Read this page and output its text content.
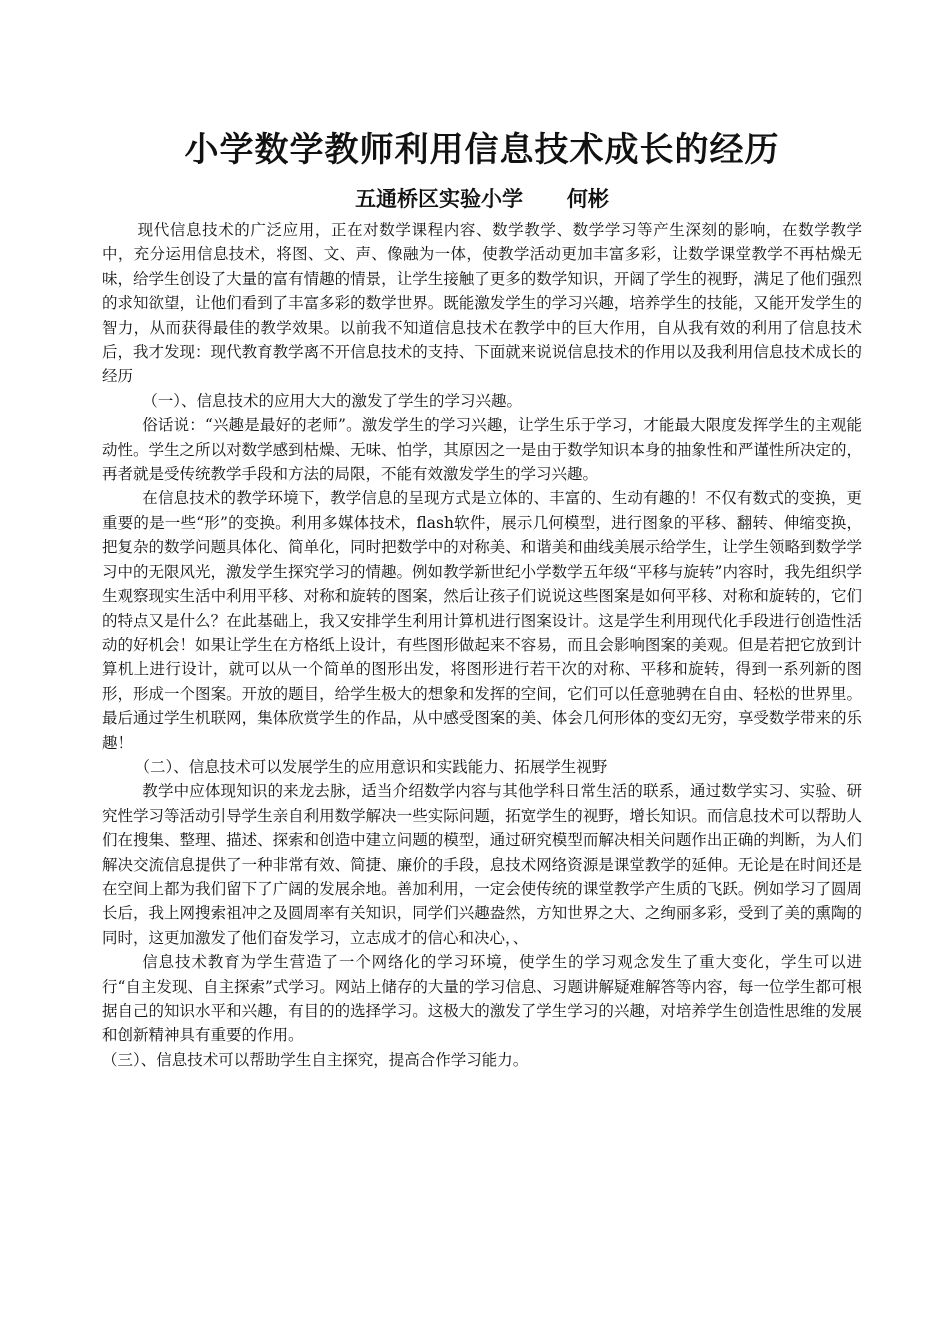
小学数学教师利用信息技术成长的经历
五通桥区实验小学      何彬

现代信息技术的广泛应用，正在对数学课程内容、数学教学、数学学习等产生深刻的影响，在数学教学中，充分运用信息技术，将图、文、声、像融为一体，使教学活动更加丰富多彩，让数学课堂教学不再枯燥无味，给学生创设了大量的富有情趣的情景，让学生接触了更多的数学知识，开阔了学生的视野，满足了他们强烈的求知欲望，让他们看到了丰富多彩的数学世界。既能激发学生的学习兴趣，培养学生的技能，又能开发学生的智力，从而获得最佳的教学效果。以前我不知道信息技术在教学中的巨大作用，自从我有效的利用了信息技术后，我才发现：现代教育教学离不开信息技术的支持、下面就来说说信息技术的作用以及我利用信息技术成长的经历

（一）、信息技术的应用大大的激发了学生的学习兴趣。

俗话说：“兴趣是最好的老师”。激发学生的学习兴趣，让学生乐于学习，才能最大限度发挥学生的主观能动性。学生之所以对数学感到枯燥、无味、怕学，其原因之一是由于数学知识本身的抽象性和严谨性所决定的，再者就是受传统教学手段和方法的局限，不能有效激发学生的学习兴趣。

在信息技术的教学环境下，教学信息的呈现方式是立体的、丰富的、生动有趣的！不仅有数式的变换，更重要的是一些“形”的变换。利用多媒体技术，flash软件，展示几何模型，进行图象的平移、翻转、伸缩变换，把复杂的数学问题具体化、简单化，同时把数学中的对称美、和谐美和曲线美展示给学生，让学生领略到数学学习中的无限风光，激发学生探究学习的情趣。例如教学新世纪小学数学五年级“平移与旋转”内容时，我先组织学生观察现实生活中利用平移、对称和旋转的图案，然后让孩子们说说这些图案是如何平移、对称和旋转的，它们的特点又是什么？在此基础上，我又安排学生利用计算机进行图案设计。这是学生利用现代化手段进行创造性活动的好机会！如果让学生在方格纸上设计，有些图形做起来不容易，而且会影响图案的美观。但是若把它放到计算机上进行设计，就可以从一个简单的图形出发，将图形进行若干次的对称、平移和旋转，得到一系列新的图形，形成一个图案。开放的题目，给学生极大的想象和发挥的空间，它们可以任意驰骋在自由、轻松的世界里。最后通过学生机联网，集体欣赏学生的作品，从中感受图案的美、体会几何形体的变幻无穷，享受数学带来的乐趣！

（二）、信息技术可以发展学生的应用意识和实践能力、拓展学生视野

教学中应体现知识的来龙去脉，适当介绍数学内容与其他学科日常生活的联系，通过数学实习、实验、研究性学习等活动引导学生亲自利用数学解决一些实际问题，拓宽学生的视野，增长知识。而信息技术可以帮助人们在搜集、整理、描述、探索和创造中建立问题的模型，通过研究模型而解决相关问题作出正确的判断，为人们解决交流信息提供了一种非常有效、简捷、廉价的手段，息技术网络资源是课堂教学的延伸。无论是在时间还是在空间上都为我们留下了广阔的发展余地。善加利用，一定会使传统的课堂教学产生质的飞跃。例如学习了圆周长后，我上网搜索祖冲之及圆周率有关知识，同学们兴趣盎然，方知世界之大、之绚丽多彩，受到了美的熏陶的同时，这更加激发了他们奋发学习，立志成才的信心和决心，、

信息技术教育为学生营造了一个网络化的学习环境，使学生的学习观念发生了重大变化，学生可以进行“自主发现、自主探索”式学习。网站上储存的大量的学习信息、习题讲解疑难解答等内容，每一位学生都可根据自己的知识水平和兴趣，有目的的选择学习。这极大的激发了学生学习的兴趣，对培养学生创造性思维的发展和创新精神具有重要的作用。

（三）、信息技术可以帮助学生自主探究，提高合作学习能力。
